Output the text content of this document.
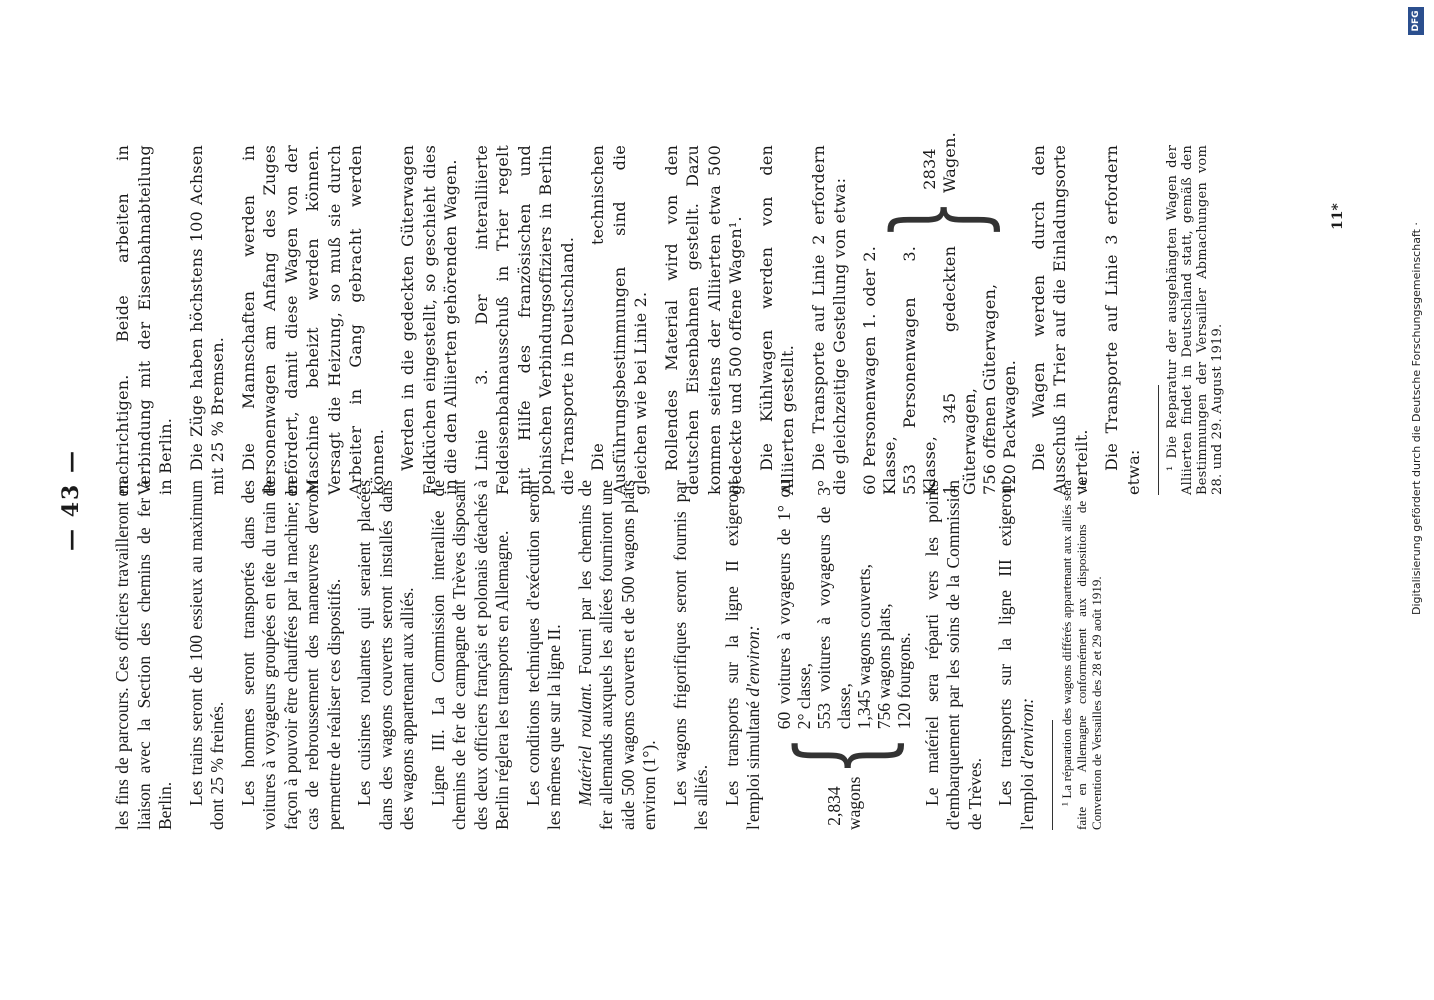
— 43 — les fins de parcours. Ces officiers travailleront en liaison avec la Section des chemins de fer à Berlin. Les trains seront de 100 essieux au maximum dont 25 % freinés. Les hommes seront transportés dans des voitures à voyageurs groupées en tête du train de façon à pouvoir être chauffées par la machine; en cas de rebroussement des manœuvres devront permettre de réaliser ces dispositifs. Les cuisines roulantes qui seraient placées dans des wagons couverts seront installés dans des wagons appartenant aux alliés. Ligne III. La Commission interalliée de chemins de fer de campagne de Trèves disposant des deux officiers français et polonais détachés à Berlin réglera les transports en Allemagne. Les conditions techniques d'exécution seront les mêmes que sur la ligne II. Matériel roulant. Fourni par les chemins de fer allemands auxquels les alliées fourniront une aide 500 wagons couverts et de 500 wagons plats environ (1°). Les wagons frigorifiques seront fournis par les alliés. Les transports sur la ligne II exigeront l'emploi simultané d'environ:

2,834 wagons
{
60 voitures à voyageurs de 1° ou 2° classe, 553 voitures à voyageurs de 3° classe, 1,345 wagons couverts, 756 wagons plats, 120 fourgons. Le matériel sera réparti vers les points d'embarquement par les soins de la Commission de Trèves. Les transports sur la ligne III exigeront l'emploi d'environ: ¹ La réparation des wagons différés appartenant aux alliés sera faite en Allemagne conformément aux dispositions de la Convention de Versailles des 28 et 29 août 1919.

nachrichtigen. Beide arbeiten in Verbindung mit der Eisenbahnabteilung in Berlin. Die Züge haben höchstens 100 Achsen mit 25 % Bremsen. Die Mannschaften werden in Personenwagen am Anfang des Zuges befördert, damit diese Wagen von der Maschine beheizt werden können. Versagt die Heizung, so muß sie durch Arbeiter in Gang gebracht werden können. Werden in die gedeckten Güterwagen Feldküchen eingestellt, so geschieht dies in die den Alliierten gehörenden Wagen. Linie 3. Der interalliierte Feldeisenbahnausschuß in Trier regelt mit Hilfe des französischen und polnischen Verbindungsoffiziers in Berlin die Transporte in Deutschland. Die technischen Ausführungsbestimmungen sind die gleichen wie bei Linie 2. Rollendes Material wird von den deutschen Eisenbahnen gestellt. Dazu kommen seitens der Alliierten etwa 500 gedeckte und 500 offene Wagen¹. Die Kühlwagen werden von den Alliierten gestellt. Die Transporte auf Linie 2 erfordern die gleichzeitige Gestellung von etwa: 60 Personenwagen 1. oder 2. Klasse, 553 Personenwagen 3. Klasse, 1 345 gedeckten Güterwagen, 756 offenen Güterwagen, 120 Packwagen.
}
2834 Wagen.	Die Wagen werden durch den Ausschuß in Trier auf die Einladungsorte verteilt. Die Transporte auf Linie 3 erfordern etwa:

¹ Die Reparatur der ausgehängten Wagen der Alliierten findet in Deutschland statt, gemäß den Bestimmungen der Versailler Abmachungen vom 28. und 29. August 1919.

11*
Digitalisierung gefördert durch die Deutsche Forschungsgemeinschaft ·
DFG
